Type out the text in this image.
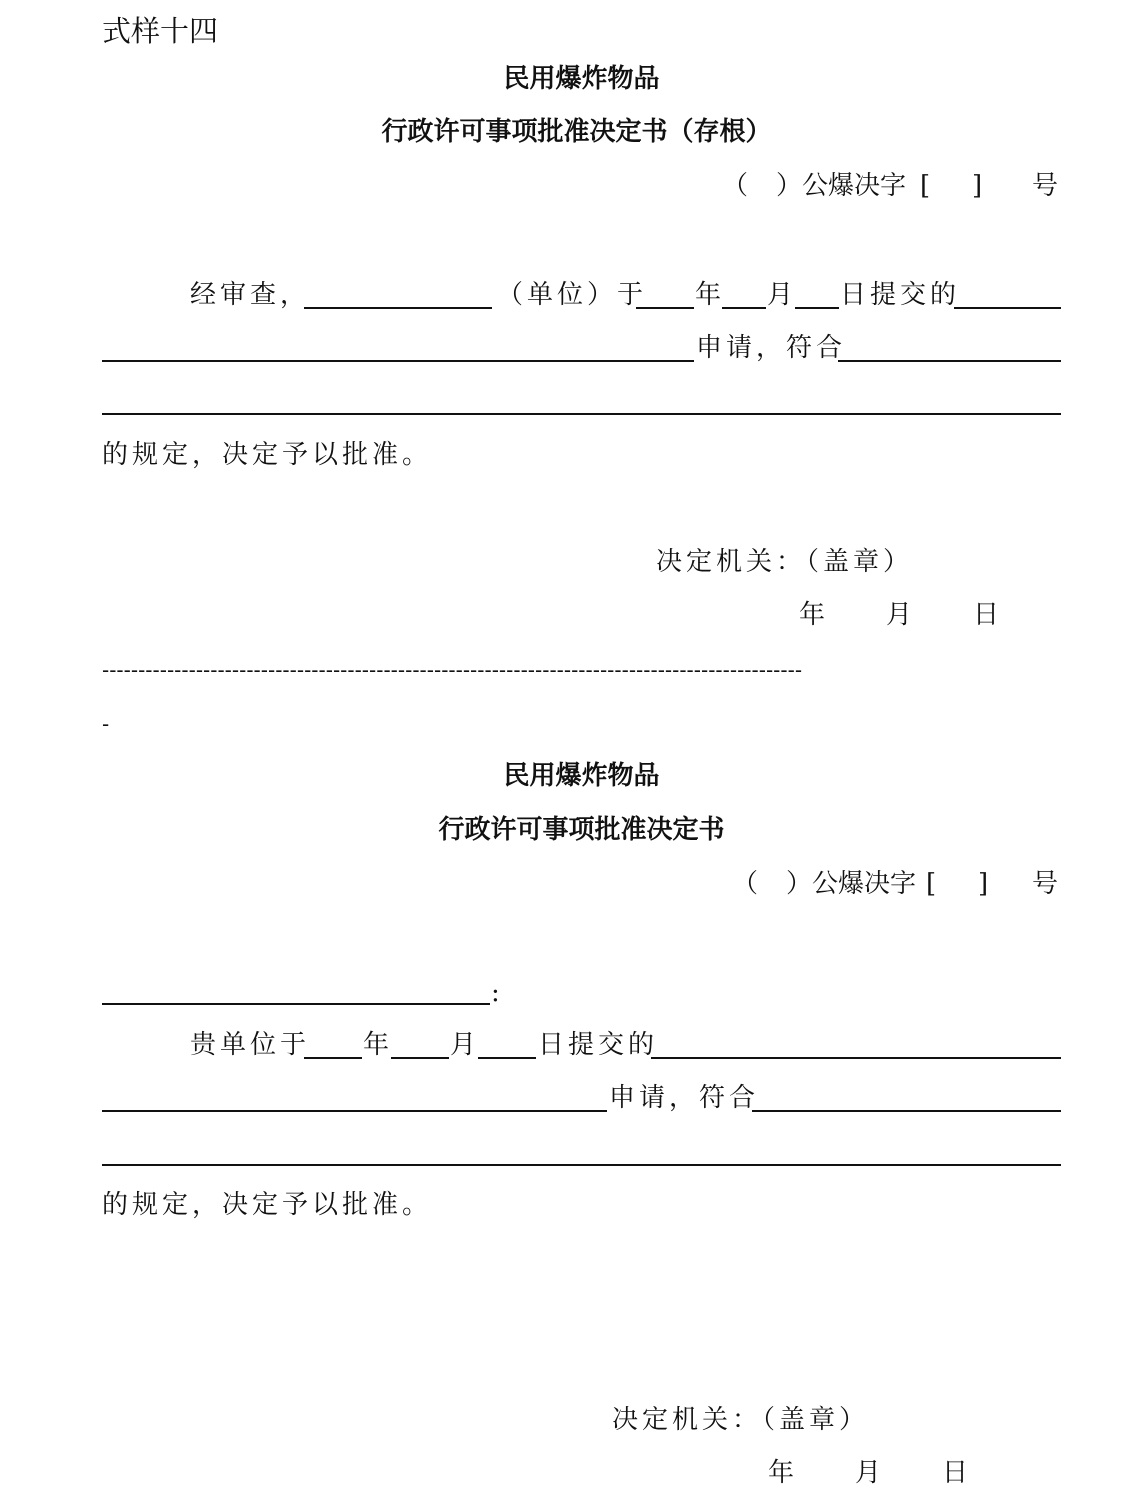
式样十四
民用爆炸物品
行政许可事项批准决定书（存根）
（ ）公爆决字 [ ] 号
经审查，	（单位）于 年 月 日提交的
申请，符合
的规定，决定予以批准。
决定机关：（盖章）
年 月 日
-------------------------------------------------------------------------------------------------
-
民用爆炸物品
行政许可事项批准决定书
（ ）公爆决字 [ ] 号
:
贵单位于 年 月 日提交的
申请，符合
的规定，决定予以批准。
决定机关：（盖章）
年 月 日
